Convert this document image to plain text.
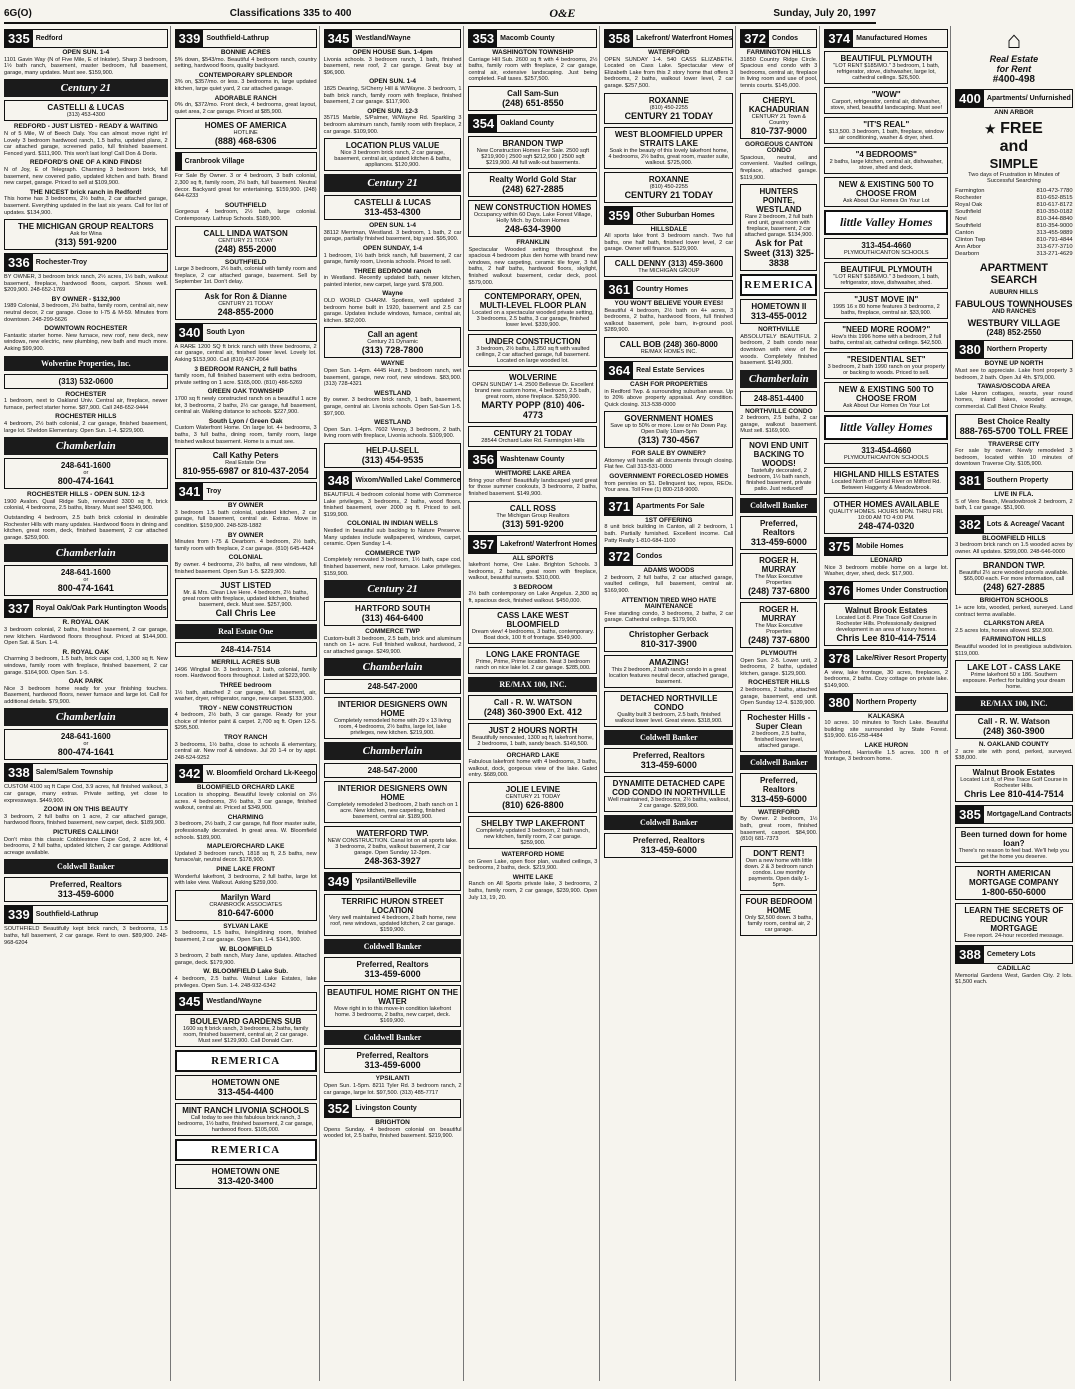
6G(O)	Classifications 335 to 400	O&E	Sunday, July 20, 1997
335 Redford
OPEN SUN. 1-4
1101 Gavin Way (N of Five Mile, E of Inkster). Sharp 3 bedroom, 1½ bath ranch, basement, master bedroom, full basement, garage, many updates. Must see. $159,900.
Century 21
CASTELLI & LUCAS
(313) 453-4300
REDFORD - JUST LISTED - READY & WAITING
N of 5 Mile, W of Beech Daly. You can almost move right in! Lovely 3 bedroom hardwood ranch, 1.5 baths, updated plans, 2 car attached garage, screened patio, full finished basement. Fenced yard. $111,900. This won't last long! Call Don & Doris.
REDFORD'S ONE OF A KIND FINDS!
N of Joy, E of Telegraph. Charming 3 bedroom brick, full basement, new covered patio, updated kitchen and bath. Brand new carpet, garage. Priced to sell at $109,900.
THE NICEST brick ranch in Redford!
This home has 3 bedrooms, 2½ baths, 2 car attached garage, basement. Everything updated in the last six years. Call for list of updates. $134,900.
THE MICHIGAN GROUP REALTORS
Ask for Wina
(313) 591-9200
336 Rochester-Troy
BY OWNER, 3 bedroom brick ranch, 2½ acres, 1½ bath, walkout basement, fireplace, hardwood floors, carport. Shows well. $209,900. 248-652-1769
BY OWNER - $132,900
1989 Colonial, 3 bedroom, 2½ baths, family room, central air, new neutral decor, 2 car garage. Close to I-75 & M-59. Minutes from downtown. 248-299-5626
DOWNTOWN ROCHESTER
Fantastic starter home. New furnace, new roof, new deck, new windows, new electric, new plumbing, new bath and much more. Asking $99,900.
Wolverine Properties, Inc.
(313) 532-0600
ROCHESTER
1 bedroom, next to Oakland Univ. Central air, fireplace, newer furnace, perfect starter home. $87,900. Call 248-652-9444
ROCHESTER HILLS
4 bedroom, 2½ bath colonial, 2 car garage, finished basement, large lot. Sheldon Elementary. Open Sun. 1-4. $229,900.
Chamberlain
248-641-1600
or
800-474-1641
ROCHESTER HILLS - OPEN SUN. 12-3
1900 Avalon. Quail Ridge Sub, renovated 3300 sq ft, brick colonial, 4 bedrooms, 2.5 baths, library. Must see! $349,900.
Outstanding 4 bedroom, 2.5 bath brick colonial in desirable Rochester Hills with many updates. Hardwood floors in dining and kitchen, great room, deck, finished basement, 2 car attached garage. $259,900.
Chamberlain
248-641-1600
or
800-474-1641
337 Royal Oak/Oak Park Huntington Woods
R. ROYAL OAK
3 bedroom colonial, 2 baths, finished basement, 2 car garage, new kitchen. Hardwood floors throughout. Priced at $144,900. Open Sat. & Sun. 1-4.
R. ROYAL OAK
Charming 3 bedroom, 1.5 bath, brick cape cod, 1,300 sq ft. New windows, family room with fireplace, finished basement, 2 car garage. $164,900. Open Sun. 1-5.
OAK PARK
Nice 3 bedroom home ready for your finishing touches. Basement, hardwood floors, newer furnace and large lot. Call for additional details. $79,900.
Chamberlain
248-641-1600
or
800-474-1641
338 Salem/Salem Township
CUSTOM 4100 sq ft Cape Cod, 3.9 acres, full finished walkout, 3 car garage, many extras. Private setting, yet close to expressways. $449,900.
ZOOM IN ON THIS BEAUTY
3 bedroom, 2 full baths on 1 acre, 2 car attached garage, hardwood floors, finished basement, new carpet, deck. $189,900.
PICTURES CALLING!
Don't miss this classic Cobblestone Cape Cod, 2 acre lot, 4 bedrooms, 2 full baths, updated kitchen, 2 car garage. Additional acreage available.
Coldwell Banker
Preferred, Realtors
313-459-6000
339 Southfield-Lathrup
SOUTHFIELD Beautifully kept brick ranch, 3 bedrooms, 1.5 baths, full basement, 2 car garage. Rent to own. $89,900. 248-968-6204
339 Southfield-Lathrup
BONNIE ACRES
5% down, $543/mo. Beautiful 4 bedroom ranch, country setting, hardwood floors, quality backyard.
CONTEMPORARY SPLENDOR
3% on, $357/mo. or less. 3 bedrooms in, large updated kitchen, large quiet yard, 2 car attached garage.
ADORABLE RANCH
0% dn, $372/mo. Front deck, 4 bedrooms, great layout, quiet area, 2 car garage. Priced at $85,900.
HOMES OF AMERICA
HOTLINE
(888) 468-6306
Cranbrook Village
For Sale By Owner. 3 or 4 bedroom, 3 bath colonial, 2,300 sq ft, family room, 2½ bath, full basement. Neutral decor. Backyard great for entertaining. $159,900. (248) 644-6233
SOUTHFIELD
Gorgeous 4 bedroom, 2½ bath, large colonial. Contemporary. Lathrup Schools. $189,900.
CALL LINDA WATSON
CENTURY 21 TODAY
(248) 855-2000
SOUTHFIELD
Large 3 bedroom, 2½ bath, colonial with family room and fireplace, 2 car attached garage, basement. Sell by September 1st. Don't delay.
Ask for Ron & Dianne
CENTURY 21 TODAY
248-855-2000
340 South Lyon
A RARE 1200 SQ ft brick ranch with three bedrooms, 2 car garage, central air, finished lower level. Lovely lot. Asking $153,900. Call (810) 437-2064
3 BEDROOM RANCH, 2 full baths
family room, full finished basement with extra bedroom, private setting on 1 acre. $165,000. (810) 486-5269
GREEN OAK TOWNSHIP
1700 sq ft newly constructed ranch on a beautiful 1 acre lot, 3 bedrooms, 2 baths, 2½ car garage, full basement, central air. Walking distance to schools. $227,900.
South Lyon / Green Oak
Custom Waterfront Home. On large lot. 4+ bedrooms, 3 baths, 3 full baths, dining room, family room, large finished walkout basement. Home is a must see.
Call Kathy Peters
Real Estate One
810-955-6987 or 810-437-2054
341 Troy
BY OWNER
3 bedroom 1.5 bath colonial, updated kitchen, 2 car garage, full basement, central air. Extras. Move in condition. $159,900. 248-528-1882
BY OWNER
Minutes from I-75 & Dearborn. 4 bedroom, 2½ bath, family room with fireplace, 2 car garage. (810) 645-4424
COLONIAL
By owner. 4 bedrooms, 2½ baths, all new windows, full finished basement. Open Sun 1-5. $229,900.
JUST LISTED
Mr. & Mrs. Clean Live Here. 4 bedroom, 2½ baths, great room with fireplace, updated kitchen, finished basement, deck. Must see. $257,900.
Call Chris Lee
Real Estate One
248-414-7514
MERRILL ACRES SUB
1496 Wingtail Dr. 3 bedroom, 2 bath, colonial, family room. Hardwood floors throughout. Listed at $223,900.
THREE bedroom
1½ bath, attached 2 car garage, full basement, air, washer, dryer, refrigerator, range, new carpet. $133,900.
TROY - NEW CONSTRUCTION
4 bedroom, 2½ bath, 3 car garage. Ready for your choice of interior paint & carpet. 2,700 sq ft. Open 12-5. $295,500.
TROY RANCH
3 bedrooms, 1½ baths, close to schools & elementary, central air. New roof & windows. Jul 20 1-4 or by appt. 248-524-9252
342 W. Bloomfield Orchard Lk-Keego
BLOOMFIELD ORCHARD LAKE
Location is shopping. Beautiful lovely colonial on 3½ acres. 4 bedrooms, 3½ baths, 3 car garage, finished walkout, central air. Priced at $349,900.
CHARMING
3 bedroom, 2½ bath, 2 car garage, full floor master suite, professionally decorated. In great area. W. Bloomfield schools. $189,900.
MAPLE/ORCHARD LAKE
Updated 3 bedroom ranch, 1818 sq ft, 2.5 baths, new furnace/air, neutral decor. $178,900.
PINE LAKE FRONT
Wonderful lakefront, 3 bedrooms, 2 full baths, large lot with lake view. Walkout. Asking $259,000.
Marilyn Ward
CRANBROOK ASSOCIATES
810-647-6000
SYLVAN LAKE
3 bedrooms, 1.5 baths, living/dining room, finished basement, 2 car garage. Open Sun. 1-4. $141,900.
W. BLOOMFIELD
3 bedroom, 2 bath ranch, Mary Jane, updates. Attached garage, deck. $179,900.
W. BLOOMFIELD Lake Sub.
4 bedroom, 2.5 baths. Walnut Lake Estates, lake privileges. Open Sun. 1-4. 248-932-6342
345 Westland/Wayne
BOULEVARD GARDENS SUB
1600 sq ft brick ranch, 3 bedrooms, 2 baths, family room, finished basement, central air, 2 car garage. Must see! $129,900. Call Donald Carr.
REMERICA
HOMETOWN ONE
313-454-4400
MINT RANCH LIVONIA SCHOOLS
Call today to see this fabulous brick ranch, 3 bedrooms, 1½ baths, finished basement, 2 car garage, hardwood floors. $105,000.
REMERICA
HOMETOWN ONE
313-420-3400
345 Westland/Wayne
OPEN HOUSE Sun. 1-4pm
Livonia schools. 3 bedroom ranch, 1 bath, finished basement, new roof, 2 car garage. Great buy at $96,900.
OPEN SUN. 1-4
1825 Dearing, S/Cherry Hill & W/Wayne. 3 bedroom, 1 bath brick ranch, family room with fireplace, finished basement, 2 car garage. $117,900.
OPEN SUN. 12-3
35715 Marble, S/Palmer, W/Wayne Rd. Sparkling 3 bedroom aluminum ranch, family room with fireplace, 2 car garage. $109,900.
LOCATION PLUS VALUE
Nice 3 bedroom brick ranch, 2 car garage, basement, central air, updated kitchen & baths, appliances. $120,900.
Century 21
CASTELLI & LUCAS
313-453-4300
OPEN SUN. 1-4
38112 Merriman, Westland. 3 bedroom, 1 bath, 2 car garage, partially finished basement, big yard. $95,900.
OPEN SUNDAY, 1-4
1 bedroom, 1½ bath brick ranch, full basement, 2 car garage, family room, Livonia schools. Priced to sell.
THREE BEDROOM ranch
in Westland. Recently updated bath, newer kitchen, painted interior, new carpet, large yard. $78,900.
Wayne
OLD WORLD CHARM. Spotless, well updated 3 bedroom home built in 1920, basement and 2.5 car garage. Updates include windows, furnace, central air, kitchen. $82,000.
Call an agent
Century 21 Dynamic
(313) 728-7800
WAYNE
Open Sun. 1-4pm. 4445 Hunt, 3 bedroom ranch, wet basement, garage, new roof, new windows. $83,900. (313) 728-4321
WESTLAND
By owner. 3 bedroom brick ranch, 1 bath, basement, garage, central air. Livonia schools. Open Sat-Sun 1-5. $97,900.
WESTLAND
Open Sun. 1-4pm. 7602 Venoy, 3 bedroom, 2 bath, living room with fireplace, Livonia schools. $109,900.
HELP-U-SELL
(313) 454-9535
348 Wixom/Walled Lake/ Commerce
BEAUTIFUL 4 bedroom colonial home with Commerce Lake privileges, 3 bedrooms, 2 baths, wood floors, finished basement, over 2000 sq ft. Priced to sell. $199,900.
COLONIAL IN INDIAN WELLS
Nestled in beautiful sub backing to Nature Preserve. Many updates include wallpapered, windows, carpet, ceramic. Open Sunday 1-4.
COMMERCE TWP
Completely renovated 3 bedroom, 1½ bath, cape cod, finished basement, new roof, furnace. Lake privileges. $159,900.
Century 21
HARTFORD SOUTH
(313) 464-6400
COMMERCE TWP
Custom-built 3 bedroom, 2.5 bath, brick and aluminum ranch on 1+ acre. Full finished walkout, hardwood, 2 car attached garage. $249,900.
Chamberlain
248-547-2000
INTERIOR DESIGNERS OWN HOME
Completely remodeled home with 29 x 13 living room, 4 bedrooms, 2½ baths, large lot, lake privileges, new kitchen. $219,900.
Chamberlain
248-547-2000
INTERIOR DESIGNERS OWN HOME
Completely remodeled 3 bedroom, 2 bath ranch on 1 acre. New kitchen, new carpeting, finished basement, central air. $189,900.
WATERFORD TWP.
NEW CONSTRUCTION. Canal lot on all sports lake. 3 bedrooms, 2 baths, walkout basement, 2 car garage. Open Sunday 12-3pm.
248-363-3927
349 Ypsilanti/Belleville
TERRIFIC HURON STREET LOCATION
Very well maintained 4 bedroom, 2 bath home, new roof, new windows, updated kitchen, 2 car garage. $159,900.
Coldwell Banker
Preferred, Realtors
313-459-6000
BEAUTIFUL HOME RIGHT ON THE WATER
Move right in to this move-in condition lakefront home. 3 bedrooms, 2 baths, new carpet, deck. $169,900.
Coldwell Banker
Preferred, Realtors
313-459-6000
YPSILANTI
Open Sun. 1-5pm. 8211 Tyler Rd. 3 bedroom ranch, 2 car garage, large lot. $97,500. (313) 485-7717
352 Livingston County
BRIGHTON
Opens Sunday. 4 bedroom colonial on beautiful wooded lot, 2.5 baths, finished basement. $219,900.
353 Macomb County
WASHINGTON TOWNSHIP
Carriage Hill Sub. 2600 sq ft with 4 bedrooms, 2½ baths, family room with fireplace, 2 car garage, central air, extensive landscaping. Just being completed. Fall taxes. $257,500.
Call Sam-Sun
(248) 651-8550
354 Oakland County
BRANDON TWP
New Construction Homes For Sale. 2500 sqft $219,900 | 2500 sqft $212,900 | 2500 sqft $219,900. All full walk-out basements.
Realty World Gold Star
(248) 627-2885
NEW CONSTRUCTION HOMES
Occupancy within 60 Days. Lake Forest Village, Holly Mich. by Dolson Homes
248-634-3900
FRANKLIN
Spectacular Wooded setting throughout the spacious 4 bedroom plus den home with brand new windows, new carpeting, ceramic tile foyer, 3 full baths, 2 half baths, hardwood floors, skylight, finished walkout basement, cedar deck, pool. $579,000.
CONTEMPORARY, OPEN, MULTI-LEVEL FLOOR PLAN
Located on a spectacular wooded private setting, 3 bedrooms, 2.5 baths, 3 car garage, finished lower level. $339,900.
UNDER CONSTRUCTION
3 bedroom, 2½ baths, 1,850 sq ft with vaulted ceilings, 2 car attached garage, full basement. Located on large wooded lot.
WOLVERINE
OPEN SUNDAY 1-4. 2500 Bellevue Dr. Excellent brand new custom home, 4 bedroom, 2.5 bath, great room, stone fireplace. $259,900.
MARTY POPP (810) 406-4773
CENTURY 21 TODAY
28544 Orchard Lake Rd. Farmington Hills
356 Washtenaw County
WHITMORE LAKE AREA
Bring your offers! Beautifully landscaped yard great for those summer cookouts, 3 bedrooms, 2 baths, finished basement. $149,900.
CALL ROSS
The Michigan Group Realtors
(313) 591-9200
357 Lakefront/ Waterfront Homes
ALL SPORTS
lakefront home, Ore Lake. Brighton Schools. 3 bedrooms, 2 baths, great room with fireplace, walkout, beautiful sunsets. $310,000.
3 BEDROOM
2½ bath contemporary on Lake Angelus. 2,300 sq ft, spacious deck, finished walkout. $450,000.
CASS LAKE WEST BLOOMFIELD
Dream view! 4 bedrooms, 3 baths, contemporary. Boat dock, 100 ft of frontage. $549,900.
LONG LAKE FRONTAGE
Prime, Prime, Prime location. Neat 3 bedroom ranch on nice lake lot. 2 car garage. $285,000.
RE/MAX 100, INC.
Call - R. W. WATSON
(248) 360-3900 Ext. 412
JUST 2 HOURS NORTH
Beautifully renovated, 1300 sq ft, lakefront home, 2 bedrooms, 1 bath, sandy beach. $149,500.
ORCHARD LAKE
Fabulous lakefront home with 4 bedrooms, 3 baths, walkout, dock, gorgeous view of the lake. Gated entry. $689,000.
JOLIE LEVINE
CENTURY 21 TODAY
(810) 626-8800
SHELBY TWP LAKEFRONT
Completely updated 3 bedroom, 2 bath ranch, new kitchen, family room, 2 car garage. $259,900.
WATERFORD HOME
on Green Lake, open floor plan, vaulted ceilings, 3 bedrooms, 2 baths, deck. $219,900.
WHITE LAKE
Ranch on All Sports private lake, 3 bedrooms, 2 baths, family room, 2 car garage, $239,900. Open July 13, 19, 20.
358 Lakefront/ Waterfront Homes
WATERFORD
OPEN SUNDAY 1-4. 540 CASS ELIZABETH. Located on Cass Lake. Spectacular view of Elizabeth Lake from this 2 story home that offers 3 bedrooms, 2 baths, walkout lower level, 2 car garage. $257,500.
ROXANNE
(810) 450-2255
CENTURY 21 TODAY
WEST BLOOMFIELD UPPER STRAITS LAKE
Soak in the beauty of this lovely lakefront home, 4 bedrooms, 2½ baths, great room, master suite, walkout. $725,000.
ROXANNE
(810) 450-2255
CENTURY 21 TODAY
359 Other Suburban Homes
HILLSDALE
All sports lake front 3 bedroom ranch. Two full baths, one half bath, finished lower level, 2 car garage. Owner will finance. $129,900.
CALL DENNY (313) 459-3600
The MICHIGAN GROUP
361 Country Homes
YOU WON'T BELIEVE YOUR EYES!
Beautiful 4 bedroom, 2½ bath on 4+ acres, 3 bedrooms, 2 baths, hardwood floors, full finished walkout basement, pole barn, in-ground pool. $289,900.
CALL BOB (248) 360-8000
RE/MAX HOMES INC.
364 Real Estate Services
CASH FOR PROPERTIES
in Redford Twp. & surrounding suburban areas. Up to 20% above property appraisal. Any condition. Quick closing. 313-538-0000
GOVERNMENT HOMES
Save up to 50% or more. Low or No Down Pay. Open Daily 10am-5pm
(313) 730-4567
FOR SALE BY OWNER?
Attorney will handle all documents through closing. Flat fee. Call 313-531-0000
GOVERNMENT FORECLOSED HOMES
from pennies on $1. Delinquent tax, repos, REOs. Your area. Toll Free (1) 800-218-9000.
371 Apartments For Sale
1ST OFFERING
8 unit brick building in Canton, all 2 bedroom, 1 bath. Partially furnished. Excellent income. Call Patty Realty 1-810-684-1100
372 Condos
ADAMS WOODS
2 bedroom, 2 full baths, 2 car attached garage, vaulted ceilings, full basement, central air. $169,900.
ATTENTION TIRED WHO HATE MAINTENANCE
Free standing condo, 3 bedrooms, 2 baths, 2 car garage. Cathedral ceilings. $179,900.
Christopher Gerback
810-317-3900
AMAZING!
This 2 bedroom, 2 bath ranch condo in a great location features neutral decor, attached garage, basement.
DETACHED NORTHVILLE CONDO
Quality built 3 bedroom, 2.5 bath, finished walkout lower level. Great views. $318,900.
Coldwell Banker
Preferred, Realtors
313-459-6000
DYNAMITE DETACHED CAPE COD CONDO IN NORTHVILLE
Well maintained, 3 bedrooms, 2½ baths, walkout, 2 car garage. $289,900.
Coldwell Banker
Preferred, Realtors
313-459-6000
372 Condos
FARMINGTON HILLS
31850 Country Ridge Circle. Spacious end condo with 3 bedrooms, central air, fireplace in living room and use of pool, tennis courts. $145,000.
CHERYL KACHADURIAN
CENTURY 21 Town & Country
810-737-9000
GORGEOUS CANTON CONDO
Spacious, neutral, and convenient. Vaulted ceilings, fireplace, attached garage. $119,900.
HUNTERS POINTE, WESTLAND
Rare 2 bedroom, 2 full bath end unit, great room with fireplace, basement, 2 car attached garage. $134,900.
Ask for Pat Sweet (313) 325-3838
REMERICA
HOMETOWN II
313-455-0012
NORTHVILLE
ABSOLUTELY BEAUTIFUL 2 bedroom, 2 bath condo near downtown with view of the woods. Completely finished basement. $149,900.
Chamberlain
248-851-4400
NORTHVILLE CONDO
2 bedroom, 2.5 baths, 2 car garage, walkout basement. Must sell. $169,900.
NOVI END UNIT BACKING TO WOODS!
Tastefully decorated, 2 bedroom, 1½ bath ranch, finished basement, private patio. Just reduced!
Coldwell Banker
Preferred, Realtors
313-459-6000
ROGER H. MURRAY
The Max Executive Properties
(248) 737-6800
ROGER H. MURRAY
The Max Executive Properties
(248) 737-6800
PLYMOUTH
Open Sun. 2-5. Lower unit, 2 bedrooms, 2 baths, updated kitchen, garage. $129,900.
ROCHESTER HILLS
2 bedrooms, 2 baths, attached garage, basement, end unit. Open Sunday 12-4. $139,900.
Rochester Hills - Super Clean
2 bedroom, 2.5 baths, finished lower level, attached garage.
Coldwell Banker
Preferred, Realtors
313-459-6000
WATERFORD
By Owner. 2 bedroom, 1½ bath, great room, finished basement, carport. $84,900. (810) 681-7373
DON'T RENT!
Own a new home with little down. 2 & 3 bedroom ranch condos. Low monthly payments. Open daily 1-5pm.
FOUR BEDROOM HOME
Only $2,500 down. 3 baths, family room, central air, 2 car garage.
374 Manufactured Homes
BEAUTIFUL PLYMOUTH
"LOT RENT $185/MO." 3 bedroom, 1 bath, refrigerator, stove, dishwasher, large lot, cathedral ceilings. $26,500.
"WOW"
Carport, refrigerator, central air, dishwasher, stove, shed, beautiful landscaping. Must see!
"IT'S REAL"
$13,500. 3 bedroom, 1 bath, fireplace, window air conditioning, washer & dryer, shed.
"4 BEDROOMS"
2 baths, large kitchen, central air, dishwasher, stove, shed and deck.
NEW & EXISTING 500 TO CHOOSE FROM
Ask About Our Homes On Your Lot
little Valley Homes
313-454-4660
PLYMOUTH/CANTON SCHOOLS
BEAUTIFUL PLYMOUTH
"LOT RENT $185/MO." 3 bedroom, 1 bath, refrigerator, stove, dishwasher, shed.
"JUST MOVE IN"
1995 16 x 80 home features 3 bedrooms, 2 baths, fireplace, central air. $33,900.
"NEED MORE ROOM?"
How's this 1996 home with a bedroom, 2 full baths, central air, cathedral ceilings. $42,500.
"RESIDENTIAL SET"
3 bedroom, 2 bath 1990 ranch on your property or backing to woods. Priced to sell.
NEW & EXISTING 500 TO CHOOSE FROM
Ask About Our Homes On Your Lot
little Valley Homes
313-454-4660
PLYMOUTH/CANTON SCHOOLS
HIGHLAND HILLS ESTATES
Located North of Grand River on Milford Rd. Between Haggerty & Meadowbrook.
OTHER HOMES AVAILABLE
QUALITY HOMES. HOURS MON. THRU FRI. 10:00 AM TO 4:00 PM.
248-474-0320
375 Mobile Homes
LEONARD
Nice 3 bedroom mobile home on a large lot. Washer, dryer, shed, deck. $17,900.
376 Homes Under Construction
Walnut Brook Estates
Located Lot 8. Pine Trace Golf Course in Rochester Hills. Professionally designed development in an area of luxury homes.
Chris Lee 810-414-7514
378 Lake/River Resort Property
A view, lake frontage, 30 acres, fireplaces, 2 bedrooms, 2 baths. Cozy cottage on private lake. $149,900.
380 Northern Property
KALKASKA
10 acres. 10 minutes to Torch Lake. Beautiful building site surrounded by State Forest. $19,900. 616-258-4484
LAKE HURON
Waterfront, Harrisville 1.5 acres. 100 ft of frontage, 3 bedroom home.
⌂
Real Estate
for Rent
#400-498
400 Apartments/ Unfurnished
ANN ARBOR
★ FREE
and
SIMPLE
Two days of Frustration in Minutes of Successful Searching
Farmington	810-473-7780
Rochester	810-652-8515
Royal Oak	810-617-8172
Southfield	810-350-0182
Novi	810-344-8840
Southfield	810-354-9000
Canton	313-455-9889
Clinton Twp	810-791-4844
Ann Arbor	313-677-3710
Dearborn	313-271-4629
APARTMENT SEARCH
AUBURN HILLS
FABULOUS TOWNHOUSES
AND RANCHES
WESTBURY VILLAGE
(248) 852-2550
380 Northern Property
BOYNE UP NORTH
Must see to appreciate. Lake front property 3 bedroom, 2 bath. Open Jul 4th. $79,000.
TAWAS/OSCODA AREA
Lake Huron cottages, resorts, year round homes, inland lakes, wooded acreage, commercial. Call Best Choice Realty.
Best Choice Realty
888-765-5700 TOLL FREE
TRAVERSE CITY
For sale by owner. Newly remodeled 3 bedroom, located within 10 minutes of downtown Traverse City. $105,900.
381 Southern Property
LIVE IN FLA.
S of Vero Beach, Meadowbrook 2 bedroom, 2 bath, 1 car garage. $51,900.
382 Lots & Acreage/ Vacant
BLOOMFIELD HILLS
3 bedroom brick ranch on 1.5 wooded acres by owner. All updates. $299,000. 248-646-0000
BRANDON TWP.
Beautiful 2½ acre wooded parcels available. $65,000 each. For more information, call
(248) 627-2885
BRIGHTON SCHOOLS
1+ acre lots, wooded, perked, surveyed. Land contract terms available.
CLARKSTON AREA
2.5 acres lots, horses allowed. $52,900.
FARMINGTON HILLS
Beautiful wooded lot in prestigious subdivision. $119,000.
LAKE LOT - CASS LAKE
Prime lakefront 50 x 186. Southern exposure. Perfect for building your dream home.
RE/MAX 100, INC.
Call - R. W. Watson
(248) 360-3900
N. OAKLAND COUNTY
2 acre site with pond, perked, surveyed. $38,000.
Walnut Brook Estates
Located Lot 8, of Pine Trace Golf Course in Rochester Hills.
Chris Lee 810-414-7514
385 Mortgage/Land Contracts
Been turned down for home loan?
There's no reason to feel bad. We'll help you get the home you deserve.
NORTH AMERICAN MORTGAGE COMPANY
1-800-650-6000
LEARN THE SECRETS OF REDUCING YOUR MORTGAGE
Free report. 24-hour recorded message.
388 Cemetery Lots
CADILLAC
Memorial Gardens West, Garden City. 2 lots. $1,500 each.
